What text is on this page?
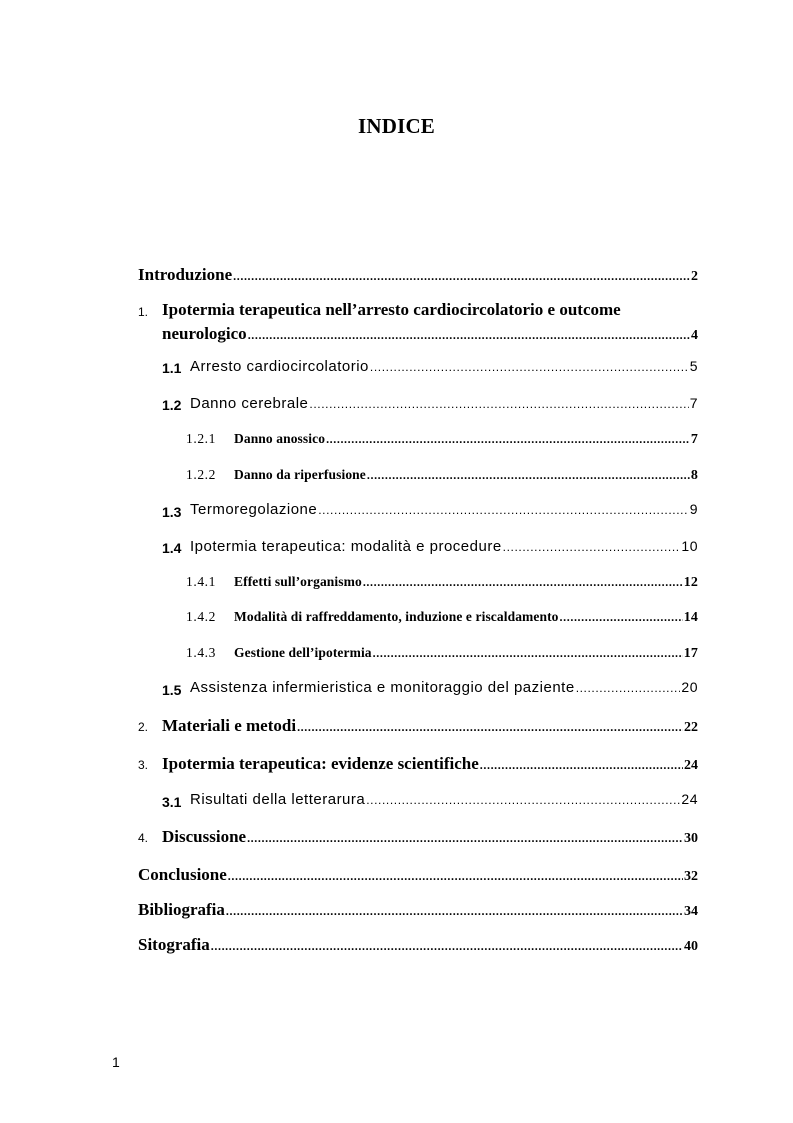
INDICE
Introduzione .....	2
1. Ipotermia terapeutica nell’arresto cardiocircolatorio e outcome
neurologico .....	4
1.1 Arresto cardiocircolatorio .....	5
1.2 Danno cerebrale .....	7
1.2.1 Danno anossico .....	7
1.2.2 Danno da riperfusione .....	8
1.3 Termoregolazione .....	9
1.4 Ipotermia terapeutica: modalità e procedure .....	10
1.4.1 Effetti sull’organismo .....	12
1.4.2 Modalità di raffreddamento, induzione e riscaldamento .....	14
1.4.3 Gestione dell’ipotermia .....	17
1.5 Assistenza infermieristica e monitoraggio del paziente .....	20
2. Materiali e metodi .....	22
3. Ipotermia terapeutica: evidenze scientifiche .....	24
3.1 Risultati della letterarura .....	24
4. Discussione .....	30
Conclusione .....	32
Bibliografia .....	34
Sitografia .....	40
1
